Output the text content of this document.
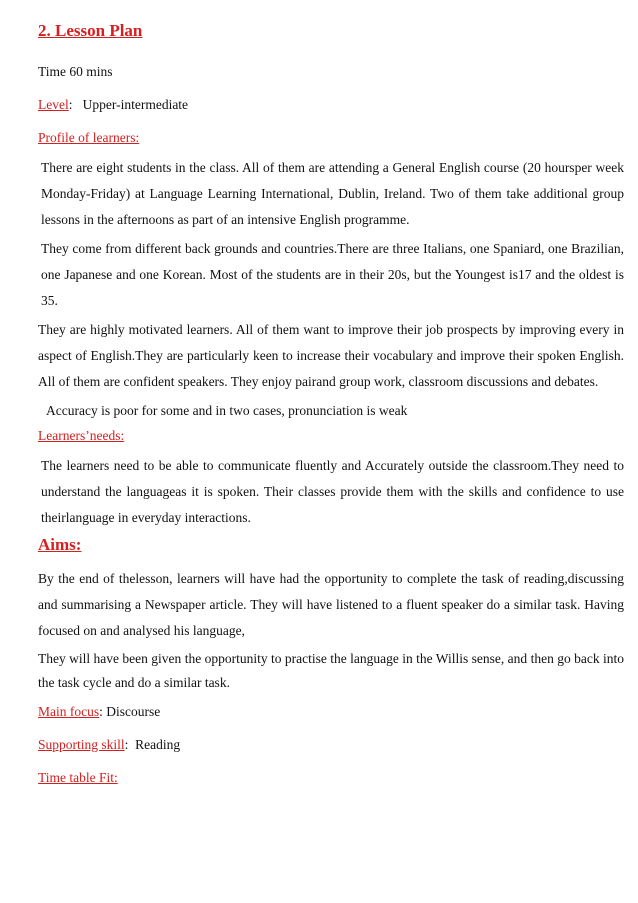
2. Lesson Plan
Time 60 mins
Level:   Upper-intermediate
Profile of learners:

There are eight students in the class. All of them are attending a General English course (20 hoursper week Monday-Friday) at Language Learning International, Dublin, Ireland. Two of them take additional group lessons in the afternoons as part of an intensive English programme.

They come from different back grounds and countries.There are three Italians, one Spaniard, one Brazilian, one Japanese and one Korean. Most of the students are in their 20s, but the Youngest is17 and the oldest is 35.

They are highly motivated learners. All of them want to improve their job prospects by improving every in aspect of English.They are particularly keen to increase their vocabulary and improve their spoken English. All of them are confident speakers. They enjoy pairand group work, classroom discussions and debates.

Accuracy is poor for some and in two cases, pronunciation is weak

Learners’needs:

The learners need to be able to communicate fluently and Accurately outside the classroom.They need to understand the languageas it is spoken. Their classes provide them with the skills and confidence to use theirlanguage in everyday interactions.

Aims:

By the end of thelesson, learners will have had the opportunity to complete the task of reading,discussing and summarising a Newspaper article. They will have listened to a fluent speaker do a similar task. Having focused on and analysed his language,

They will have been given the opportunity to practise the language in the Willis sense, and then go back into the task cycle and do a similar task.

Main focus: Discourse
Supporting skill:  Reading
Time table Fit:
